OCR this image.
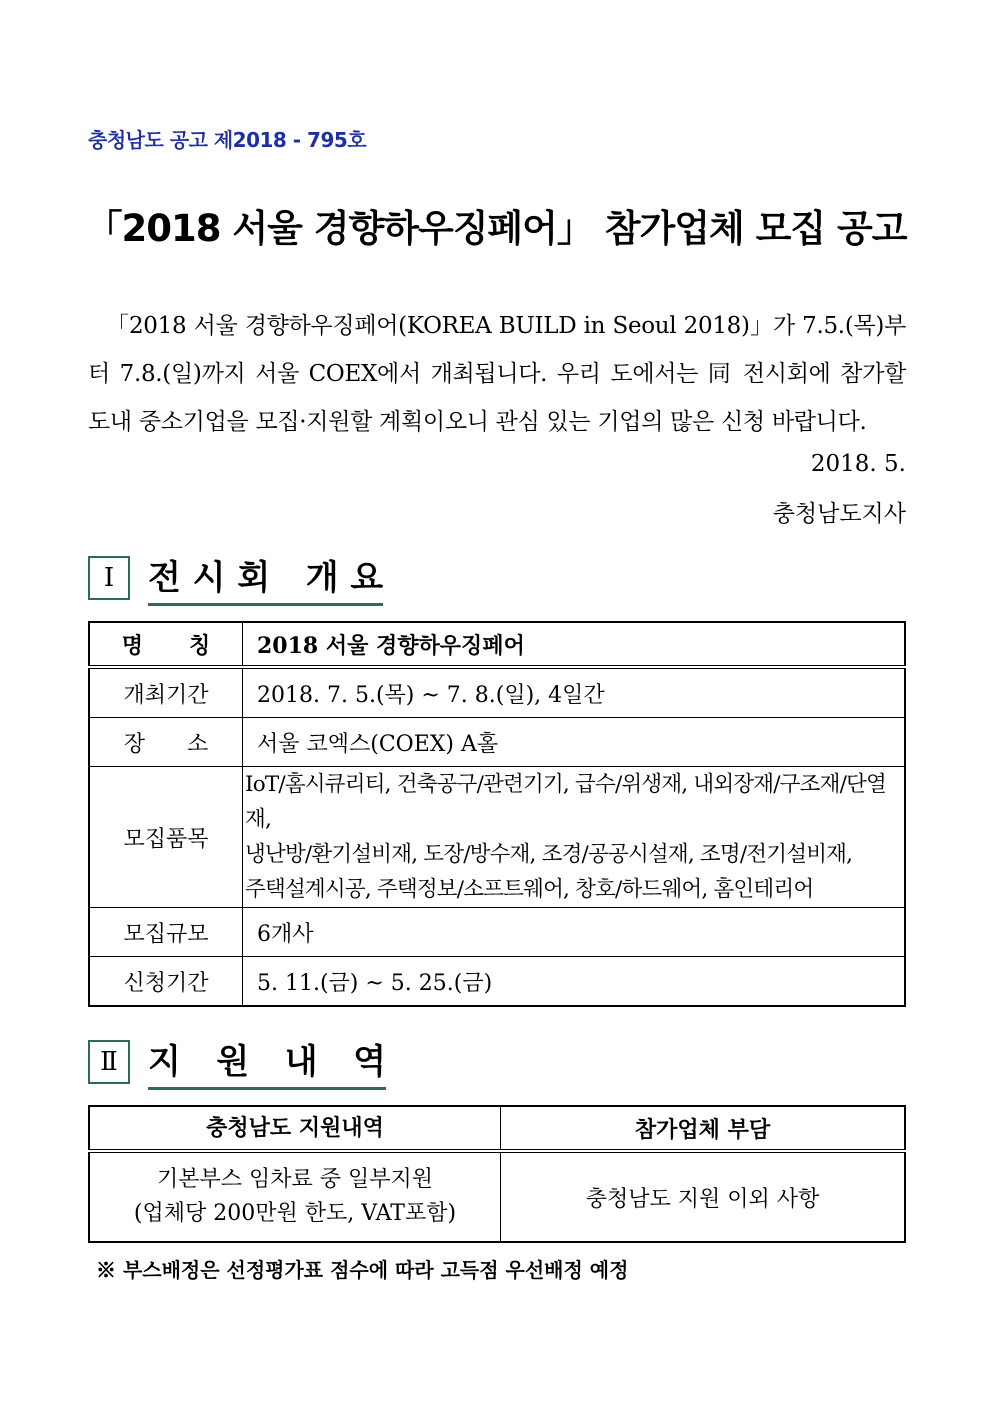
충청남도 공고 제2018 - 795호
「2018 서울 경향하우징페어」 참가업체 모집 공고

「2018 서울 경향하우징페어(KOREA BUILD in Seoul 2018)」가 7.5.(목)부터 7.8.(일)까지 서울 COEX에서 개최됩니다. 우리 도에서는 同 전시회에 참가할 도내 중소기업을 모집·지원할 계획이오니 관심 있는 기업의 많은 신청 바랍니다.

2018. 5.
충청남도지사
Ⅰ 전 시 회   개 요
명      칭	2018 서울 경향하우징페어
개최기간	2018. 7. 5.(목) ~ 7. 8.(일), 4일간
장      소	서울 코엑스(COEX) A홀
모집품목	IoT/홈시큐리티, 건축공구/관련기기, 급수/위생재, 내외장재/구조재/단열재,
냉난방/환기설비재, 도장/방수재, 조경/공공시설재, 조명/전기설비재,
주택설계시공, 주택정보/소프트웨어, 창호/하드웨어, 홈인테리어

모집규모	6개사
신청기간	5. 11.(금) ~ 5. 25.(금)
Ⅱ 지   원   내   역
충청남도 지원내역	참가업체 부담

기본부스 임차료 중 일부지원
(업체당 200만원 한도, VAT포함)	충청남도 지원 이외 사항
※ 부스배정은 선정평가표 점수에 따라 고득점 우선배정 예정
